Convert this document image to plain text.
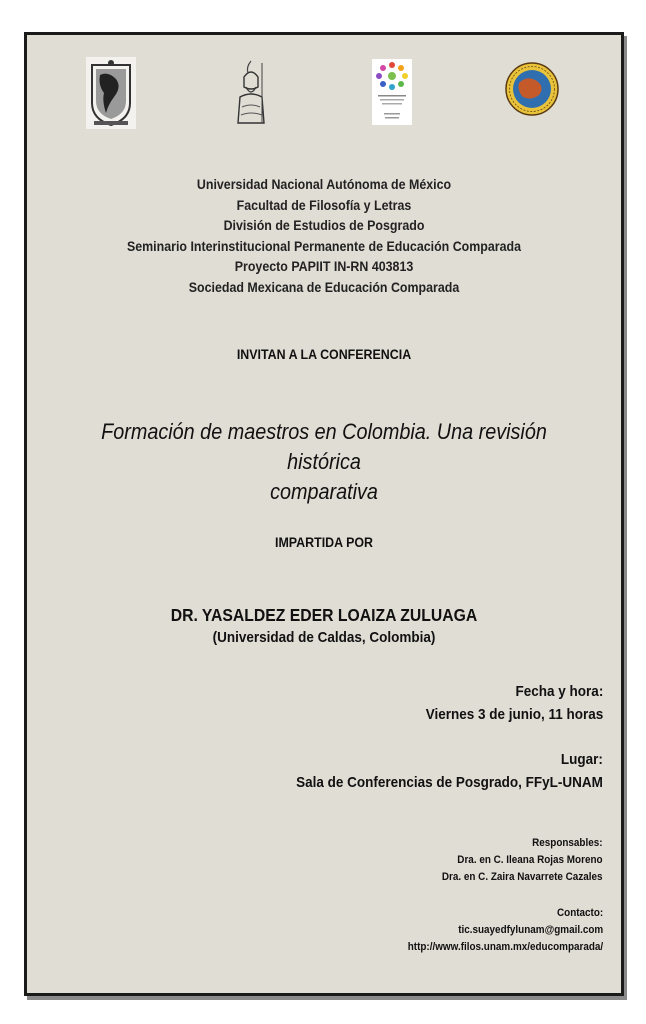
Universidad Nacional Autónoma de México
Facultad de Filosofía y Letras
División de Estudios de Posgrado
Seminario Interinstitucional Permanente de Educación Comparada
Proyecto PAPIIT IN-RN 403813
Sociedad Mexicana de Educación Comparada
INVITAN A LA CONFERENCIA
Formación de maestros en Colombia. Una revisión histórica
comparativa
IMPARTIDA POR
DR. YASALDEZ EDER LOAIZA ZULUAGA
(Universidad de Caldas, Colombia)
Fecha y hora:
Viernes 3 de junio, 11 horas
Lugar:
Sala de Conferencias de Posgrado, FFyL-UNAM
Responsables:
Dra. en C. Ileana Rojas Moreno
Dra. en C. Zaira Navarrete Cazales
Contacto:
tic.suayedfylunam@gmail.com
http://www.filos.unam.mx/educomparada/
